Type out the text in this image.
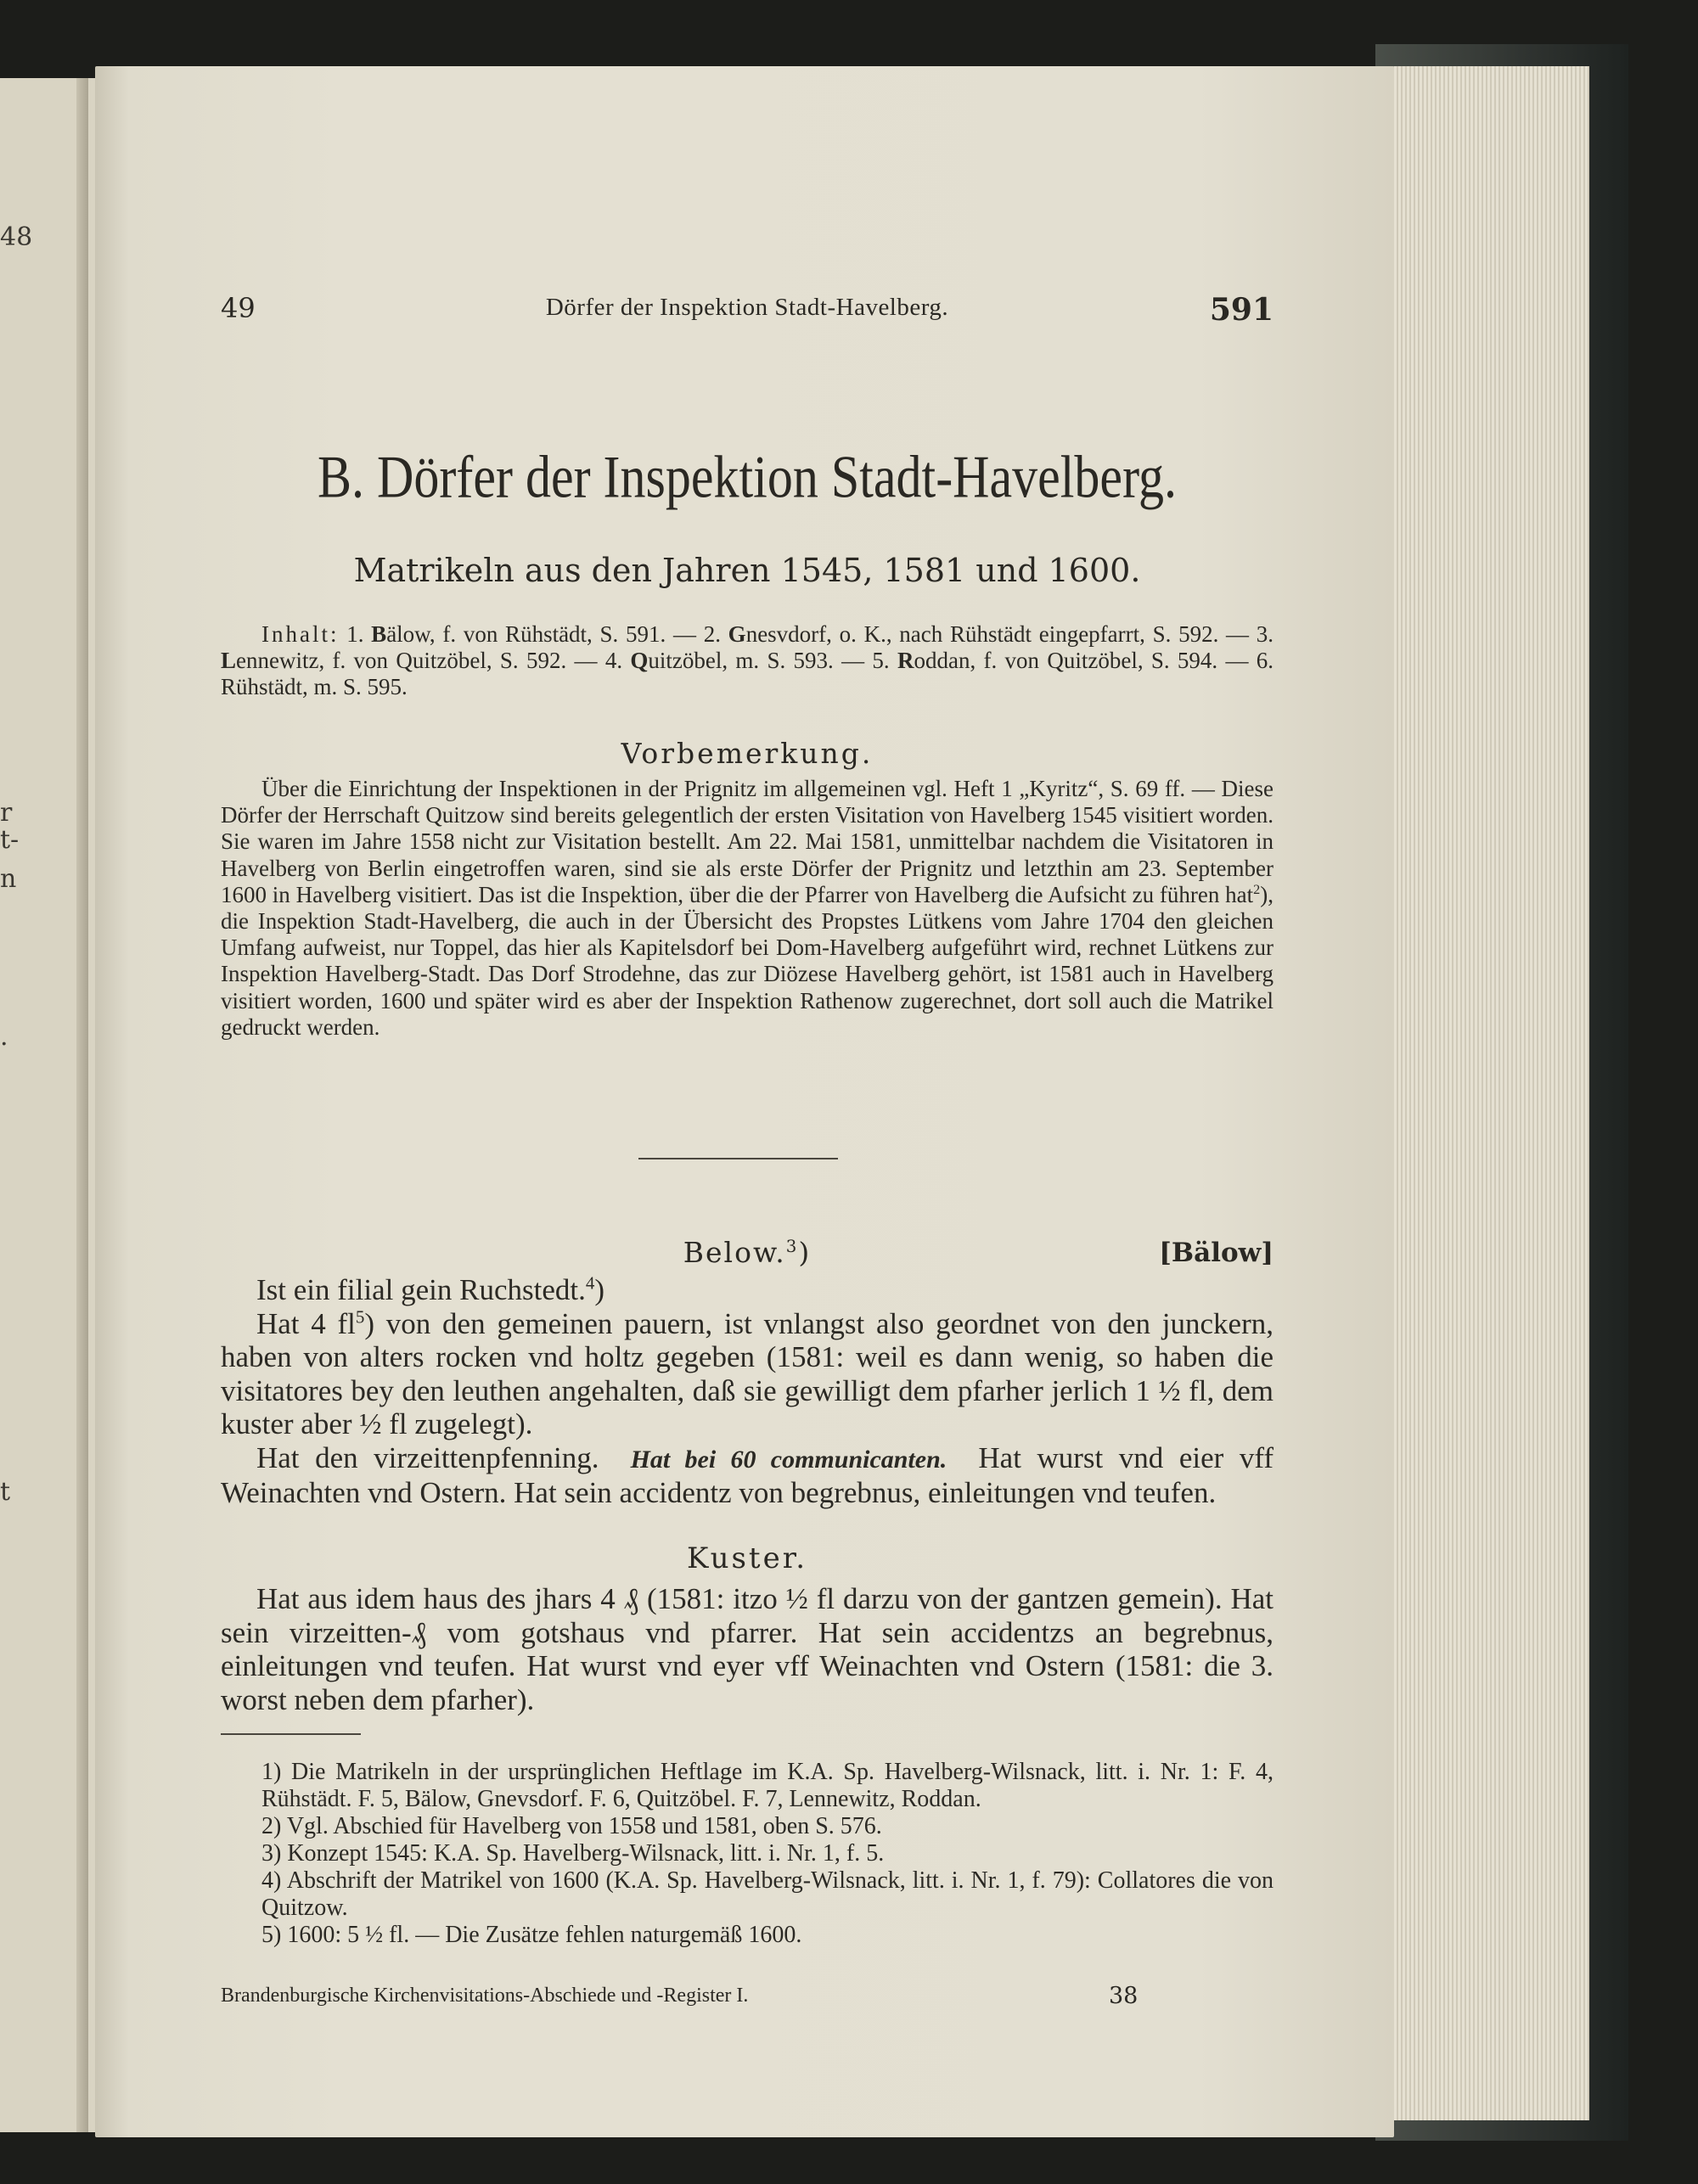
48
r
t-
n
.
t
49	Dörfer der Inspektion Stadt-Havelberg.	591
B. Dörfer der Inspektion Stadt-Havelberg.
Matrikeln aus den Jahren 1545, 1581 und 1600.

Inhalt: 1. Bälow, f. von Rühstädt, S. 591. — 2. Gnesvdorf, o. K., nach Rühstädt eingepfarrt, S. 592. — 3. Lennewitz, f. von Quitzöbel, S. 592. — 4. Quitzöbel, m. S. 593. — 5. Roddan, f. von Quitzöbel, S. 594. — 6. Rühstädt, m. S. 595.

Vorbemerkung.

Über die Einrichtung der Inspektionen in der Prignitz im allgemeinen vgl. Heft 1 „Kyritz“, S. 69 ff. — Diese Dörfer der Herrschaft Quitzow sind bereits gelegentlich der ersten Visitation von Havelberg 1545 visitiert worden. Sie waren im Jahre 1558 nicht zur Visitation bestellt. Am 22. Mai 1581, unmittelbar nachdem die Visitatoren in Havelberg von Berlin eingetroffen waren, sind sie als erste Dörfer der Prignitz und letzthin am 23. September 1600 in Havelberg visitiert. Das ist die Inspektion, über die der Pfarrer von Havelberg die Aufsicht zu führen hat$^2$), die Inspektion Stadt-Havelberg, die auch in der Übersicht des Propstes Lütkens vom Jahre 1704 den gleichen Umfang aufweist, nur Toppel, das hier als Kapitelsdorf bei Dom-Havelberg aufgeführt wird, rechnet Lütkens zur Inspektion Havelberg-Stadt. Das Dorf Strodehne, das zur Diözese Havelberg gehört, ist 1581 auch in Havelberg visitiert worden, 1600 und später wird es aber der Inspektion Rathenow zugerechnet, dort soll auch die Matrikel gedruckt werden.

Below.$^3$)	[Bälow]

Ist ein filial gein Ruchstedt.$^4$)

Hat 4 fl$^5$) von den gemeinen pauern, ist vnlangst also geordnet von den junckern, haben von alters rocken vnd holtz gegeben (1581: weil es dann wenig, so haben die visitatores bey den leuthen angehalten, daß sie gewilligt dem pfarher jerlich 1 ½ fl, dem kuster aber ½ fl zugelegt).

Hat den virzeittenpfenning. Hat bei 60 communicanten. Hat wurst vnd eier vff Weinachten vnd Ostern. Hat sein accidentz von begrebnus, einleitungen vnd teufen.

Kuster.

Hat aus idem haus des jhars 4 ₰ (1581: itzo ½ fl darzu von der gantzen gemein). Hat sein virzeitten-₰ vom gotshaus vnd pfarrer. Hat sein accidentzs an begrebnus, einleitungen vnd teufen. Hat wurst vnd eyer vff Weinachten vnd Ostern (1581: die 3. worst neben dem pfarher).

1) Die Matrikeln in der ursprünglichen Heftlage im K.A. Sp. Havelberg-Wilsnack, litt. i. Nr. 1: F. 4, Rühstädt. F. 5, Bälow, Gnevsdorf. F. 6, Quitzöbel. F. 7, Lennewitz, Roddan.

2) Vgl. Abschied für Havelberg von 1558 und 1581, oben S. 576.

3) Konzept 1545: K.A. Sp. Havelberg-Wilsnack, litt. i. Nr. 1, f. 5.

4) Abschrift der Matrikel von 1600 (K.A. Sp. Havelberg-Wilsnack, litt. i. Nr. 1, f. 79): Collatores die von Quitzow.

5) 1600: 5 ½ fl. — Die Zusätze fehlen naturgemäß 1600.

Brandenburgische Kirchenvisitations-Abschiede und -Register I.	38
